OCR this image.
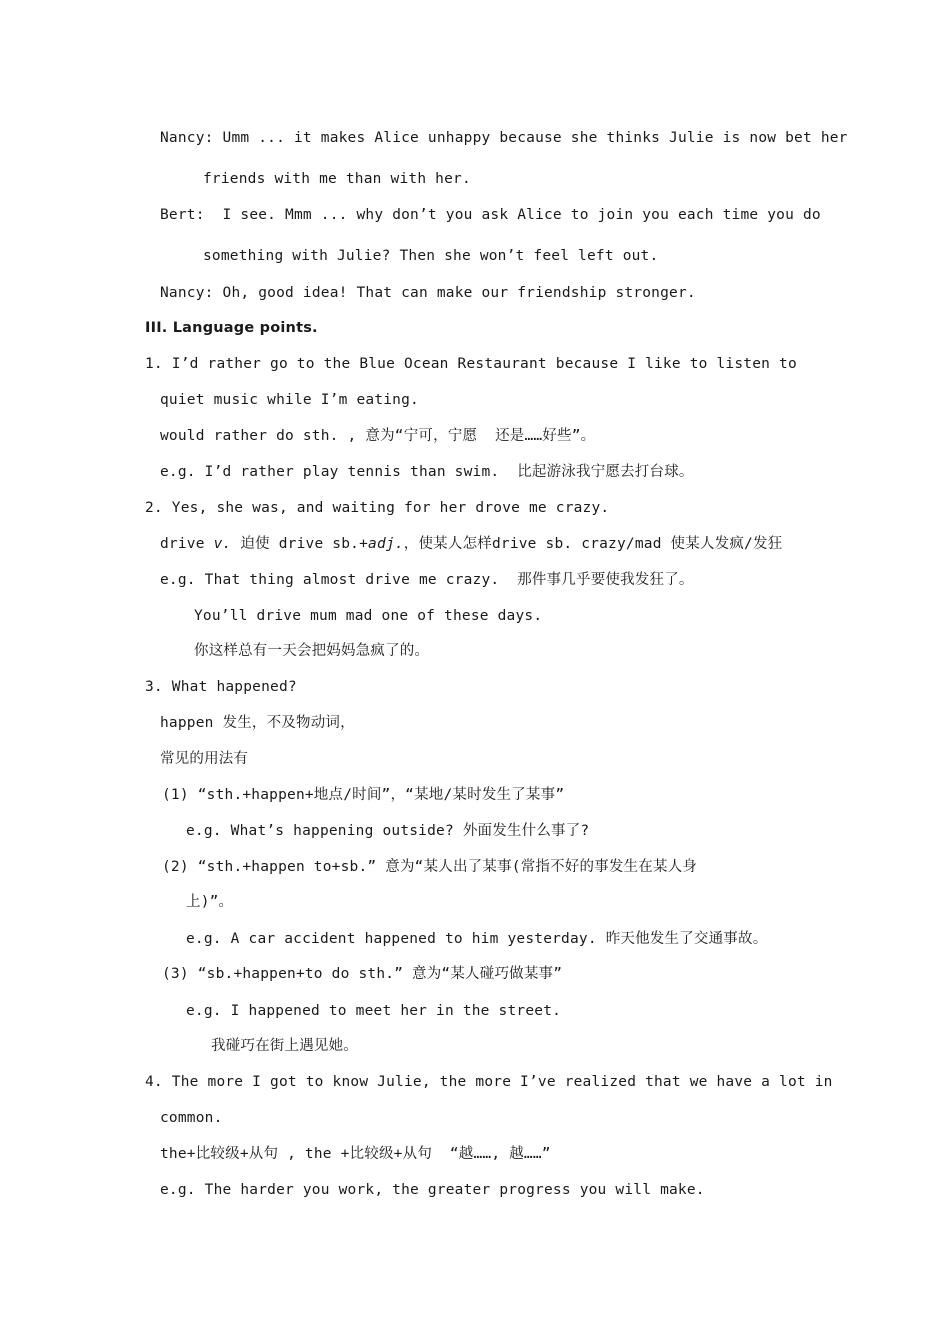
Nancy: Umm ... it makes Alice unhappy because she thinks Julie is now bet her
friends with me than with her.
Bert: I see. Mmm ... why don’t you ask Alice to join you each time you do
something with Julie? Then she won’t feel left out.
Nancy: Oh, good idea! That can make our friendship stronger.
III. Language points.
1. I’d rather go to the Blue Ocean Restaurant because I like to listen to
quiet music while I’m eating.
would rather do sth. , 意为“宁可，宁愿  还是……好些”。
e.g. I’d rather play tennis than swim.  比起游泳我宁愿去打台球。
2. Yes, she was, and waiting for her drove me crazy.
drive v. 迫使 drive sb.+adj.，使某人怎样drive sb. crazy/mad 使某人发疯/发狂
e.g. That thing almost drive me crazy.  那件事几乎要使我发狂了。
You’ll drive mum mad one of these days.
你这样总有一天会把妈妈急疯了的。
3. What happened?
happen 发生，不及物动词，
常见的用法有
(1) “sth.+happen+地点/时间”，“某地/某时发生了某事”
e.g. What’s happening outside? 外面发生什么事了?
(2) “sth.+happen to+sb.” 意为“某人出了某事(常指不好的事发生在某人身
上)”。
e.g. A car accident happened to him yesterday. 昨天他发生了交通事故。
(3) “sb.+happen+to do sth.” 意为“某人碰巧做某事”
e.g. I happened to meet her in the street.
我碰巧在街上遇见她。
4. The more I got to know Julie, the more I’ve realized that we have a lot in
common.
the+比较级+从句 , the +比较级+从句  “越……, 越……”
e.g. The harder you work, the greater progress you will make.
